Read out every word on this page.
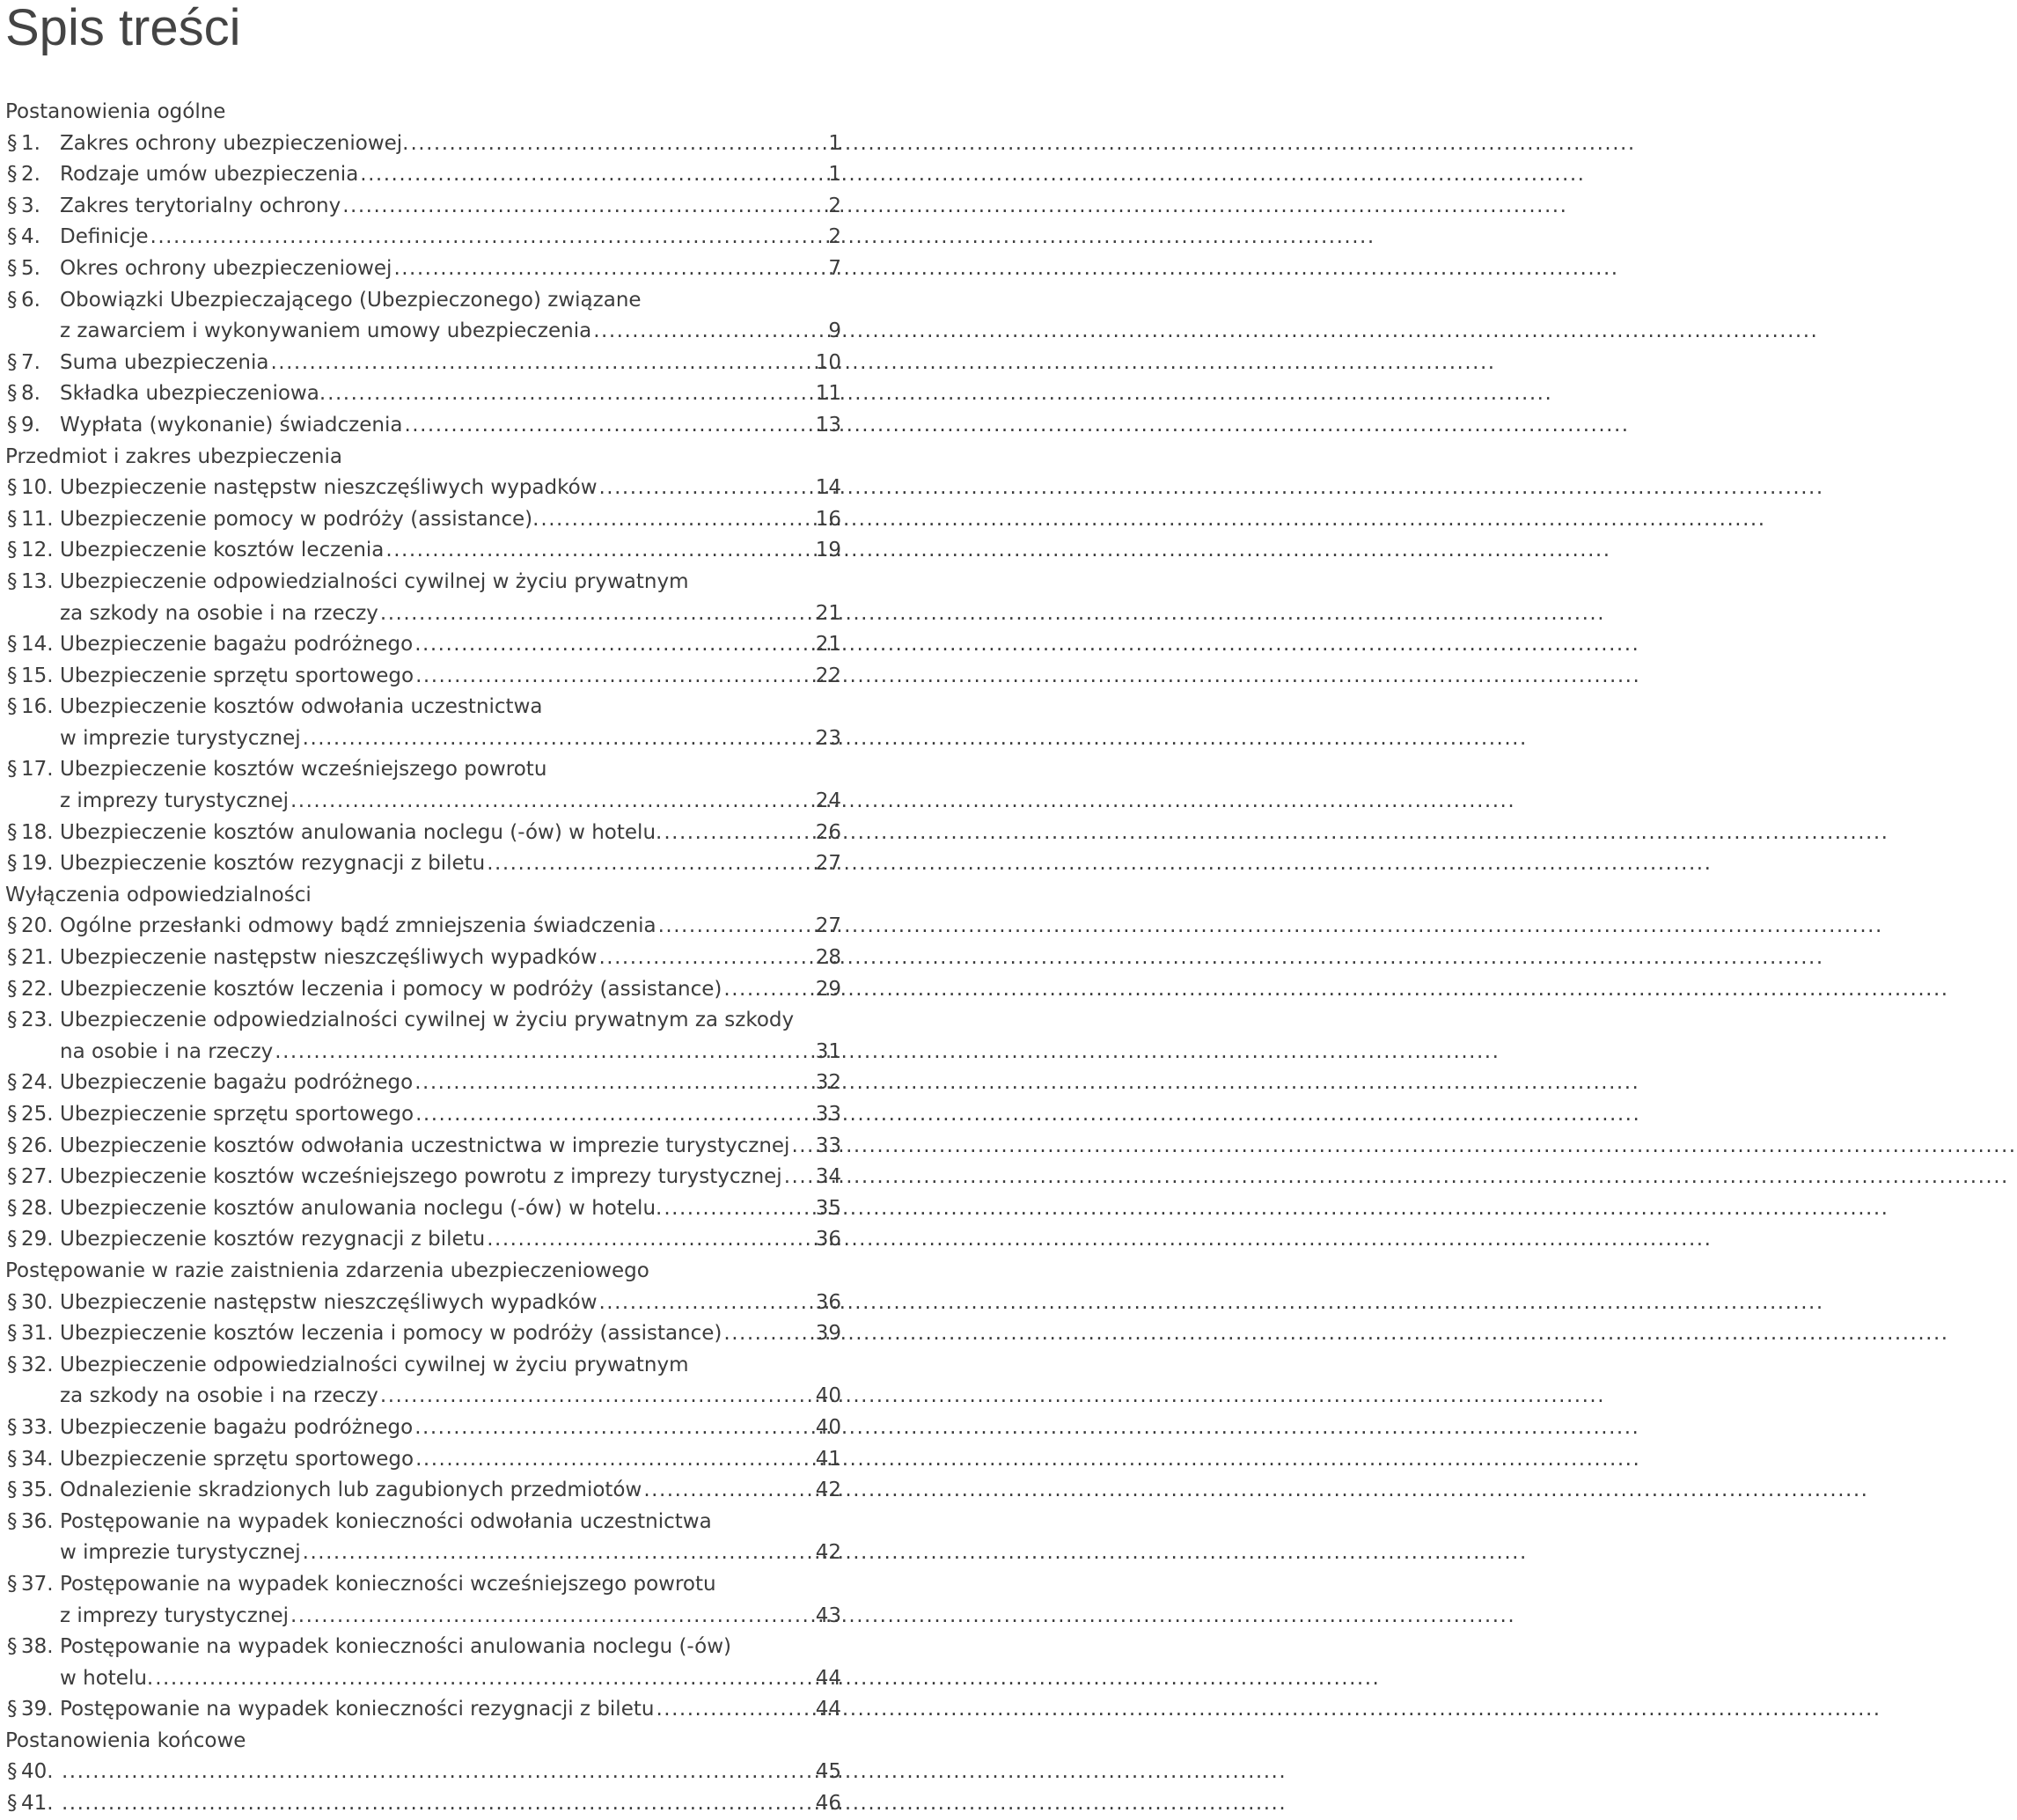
Spis treści
Postanowienia ogólne
§ 1. Zakres ochrony ubezpieczeniowej. .....	1
§ 2. Rodzaje umów ubezpieczenia .....	1
§ 3. Zakres terytorialny ochrony .....	2
§ 4. Definicje .....	2
§ 5. Okres ochrony ubezpieczeniowej .....	7
§ 6. Obowiązki Ubezpieczającego (Ubezpieczonego) związane
z zawarciem i wykonywaniem umowy ubezpieczenia .....	9
§ 7. Suma ubezpieczenia .....	10
§ 8. Składka ubezpieczeniowa. .....	11
§ 9. Wypłata (wykonanie) świadczenia .....	13
Przedmiot i zakres ubezpieczenia
§ 10. Ubezpieczenie następstw nieszczęśliwych wypadków .....	14
§ 11. Ubezpieczenie pomocy w podróży (assistance). .....	16
§ 12. Ubezpieczenie kosztów leczenia .....	19
§ 13. Ubezpieczenie odpowiedzialności cywilnej w życiu prywatnym
za szkody na osobie i na rzeczy .....	21
§ 14. Ubezpieczenie bagażu podróżnego .....	21
§ 15. Ubezpieczenie sprzętu sportowego .....	22
§ 16. Ubezpieczenie kosztów odwołania uczestnictwa
w imprezie turystycznej .....	23
§ 17. Ubezpieczenie kosztów wcześniejszego powrotu
z imprezy turystycznej .....	24
§ 18. Ubezpieczenie kosztów anulowania noclegu (-ów) w hotelu. .....	26
§ 19. Ubezpieczenie kosztów rezygnacji z biletu .....	27
Wyłączenia odpowiedzialności
§ 20. Ogólne przesłanki odmowy bądź zmniejszenia świadczenia .....	27
§ 21. Ubezpieczenie następstw nieszczęśliwych wypadków .....	28
§ 22. Ubezpieczenie kosztów leczenia i pomocy w podróży (assistance) .....	29
§ 23. Ubezpieczenie odpowiedzialności cywilnej w życiu prywatnym za szkody
na osobie i na rzeczy .....	31
§ 24. Ubezpieczenie bagażu podróżnego .....	32
§ 25. Ubezpieczenie sprzętu sportowego .....	33
§ 26. Ubezpieczenie kosztów odwołania uczestnictwa w imprezie turystycznej ..... 33
§ 27. Ubezpieczenie kosztów wcześniejszego powrotu z imprezy turystycznej ..... 34
§ 28. Ubezpieczenie kosztów anulowania noclegu (-ów) w hotelu. .....	35
§ 29. Ubezpieczenie kosztów rezygnacji z biletu .....	36
Postępowanie w razie zaistnienia zdarzenia ubezpieczeniowego
§ 30. Ubezpieczenie następstw nieszczęśliwych wypadków .....	36
§ 31. Ubezpieczenie kosztów leczenia i pomocy w podróży (assistance) .....	39
§ 32. Ubezpieczenie odpowiedzialności cywilnej w życiu prywatnym
za szkody na osobie i na rzeczy .....	40
§ 33. Ubezpieczenie bagażu podróżnego .....	40
§ 34. Ubezpieczenie sprzętu sportowego .....	41
§ 35. Odnalezienie skradzionych lub zagubionych przedmiotów .....	42
§ 36. Postępowanie na wypadek konieczności odwołania uczestnictwa
w imprezie turystycznej .....	42
§ 37. Postępowanie na wypadek konieczności wcześniejszego powrotu
z imprezy turystycznej .....	43
§ 38. Postępowanie na wypadek konieczności anulowania noclegu (-ów)
w hotelu. .....	44
§ 39. Postępowanie na wypadek konieczności rezygnacji z biletu .....	44
Postanowienia końcowe
§ 40. .....	45
§ 41. .....	46
